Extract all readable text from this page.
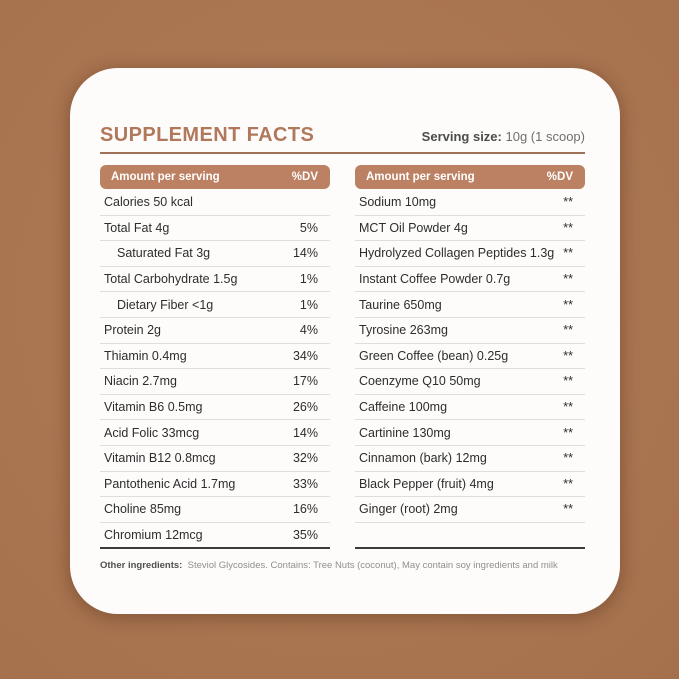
SUPPLEMENT FACTS	Serving size: 10g (1 scoop)
Amount per serving	%DV
Calories 50 kcal
Total Fat 4g	5%
Saturated Fat 3g	14%
Total Carbohydrate 1.5g	1%
Dietary Fiber <1g	1%
Protein 2g	4%
Thiamin 0.4mg	34%
Niacin 2.7mg	17%
Vitamin B6 0.5mg	26%
Acid Folic 33mcg	14%
Vitamin B12 0.8mcg	32%
Pantothenic Acid 1.7mg	33%
Choline 85mg	16%
Chromium 12mcg	35%
Amount per serving	%DV
Sodium 10mg	**
MCT Oil Powder 4g	**
Hydrolyzed Collagen Peptides 1.3g **
Instant Coffee Powder 0.7g	**
Taurine 650mg	**
Tyrosine 263mg	**
Green Coffee (bean) 0.25g	**
Coenzyme Q10 50mg	**
Caffeine 100mg	**
Cartinine 130mg	**
Cinnamon (bark) 12mg	**
Black Pepper (fruit) 4mg	**
Ginger (root) 2mg	**
Other ingredients: Steviol Glycosides. Contains: Tree Nuts (coconut), May contain soy ingredients and milk
